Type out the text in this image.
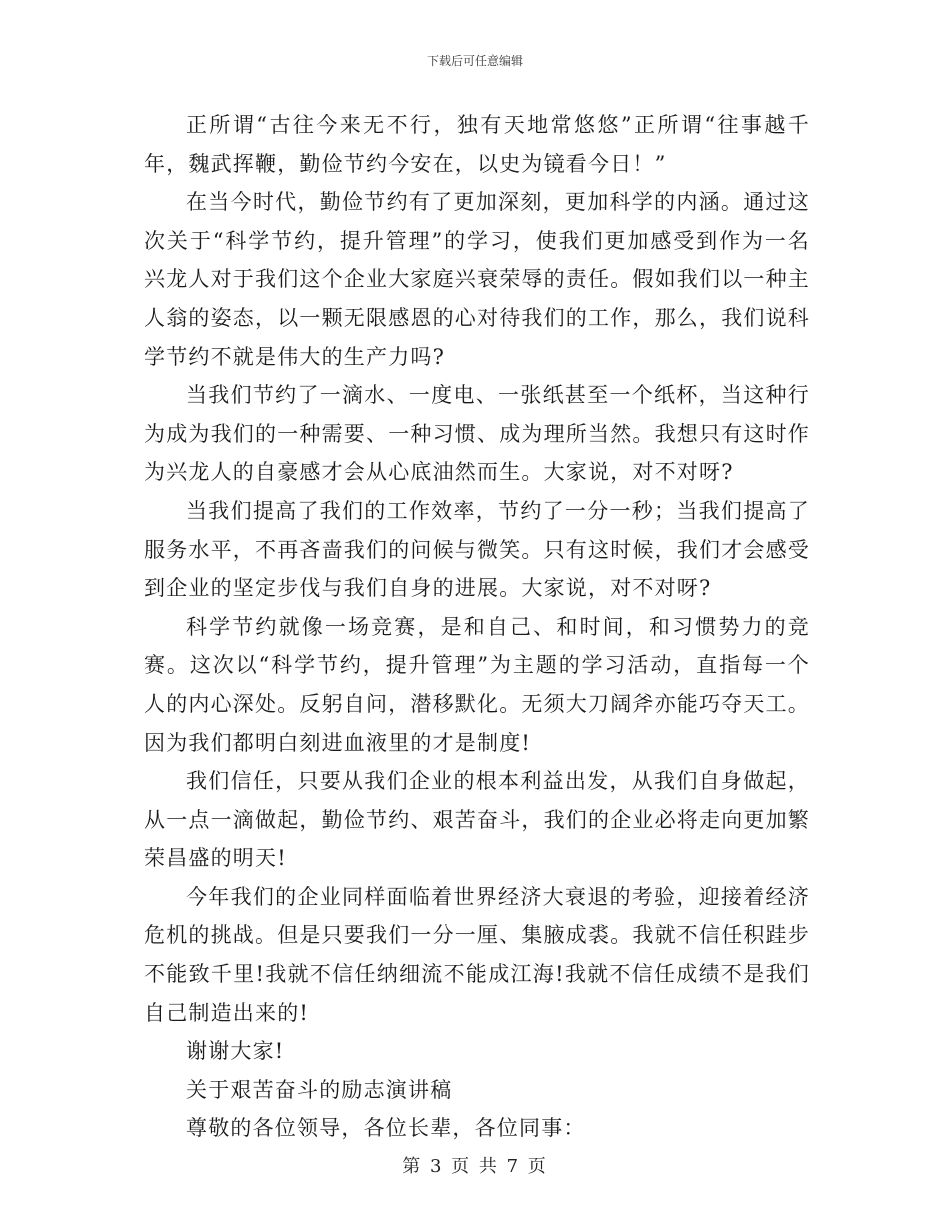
下载后可任意编辑

正所谓“古往今来无不行，独有天地常悠悠”正所谓“往事越千年，魏武挥鞭，勤俭节约今安在，以史为镜看今日！”

在当今时代，勤俭节约有了更加深刻，更加科学的内涵。通过这次关于“科学节约，提升管理”的学习，使我们更加感受到作为一名兴龙人对于我们这个企业大家庭兴衰荣辱的责任。假如我们以一种主人翁的姿态，以一颗无限感恩的心对待我们的工作，那么，我们说科学节约不就是伟大的生产力吗?

当我们节约了一滴水、一度电、一张纸甚至一个纸杯，当这种行为成为我们的一种需要、一种习惯、成为理所当然。我想只有这时作为兴龙人的自豪感才会从心底油然而生。大家说，对不对呀?

当我们提高了我们的工作效率，节约了一分一秒；当我们提高了服务水平，不再吝啬我们的问候与微笑。只有这时候，我们才会感受到企业的坚定步伐与我们自身的进展。大家说，对不对呀?

科学节约就像一场竞赛，是和自己、和时间，和习惯势力的竞赛。这次以“科学节约，提升管理”为主题的学习活动，直指每一个人的内心深处。反躬自问，潜移默化。无须大刀阔斧亦能巧夺天工。因为我们都明白刻进血液里的才是制度!

我们信任，只要从我们企业的根本利益出发，从我们自身做起，从一点一滴做起，勤俭节约、艰苦奋斗，我们的企业必将走向更加繁荣昌盛的明天!

今年我们的企业同样面临着世界经济大衰退的考验，迎接着经济危机的挑战。但是只要我们一分一厘、集腋成裘。我就不信任积跬步不能致千里!我就不信任纳细流不能成江海!我就不信任成绩不是我们自己制造出来的!

谢谢大家!

关于艰苦奋斗的励志演讲稿

尊敬的各位领导，各位长辈，各位同事：

第 3 页 共 7 页
